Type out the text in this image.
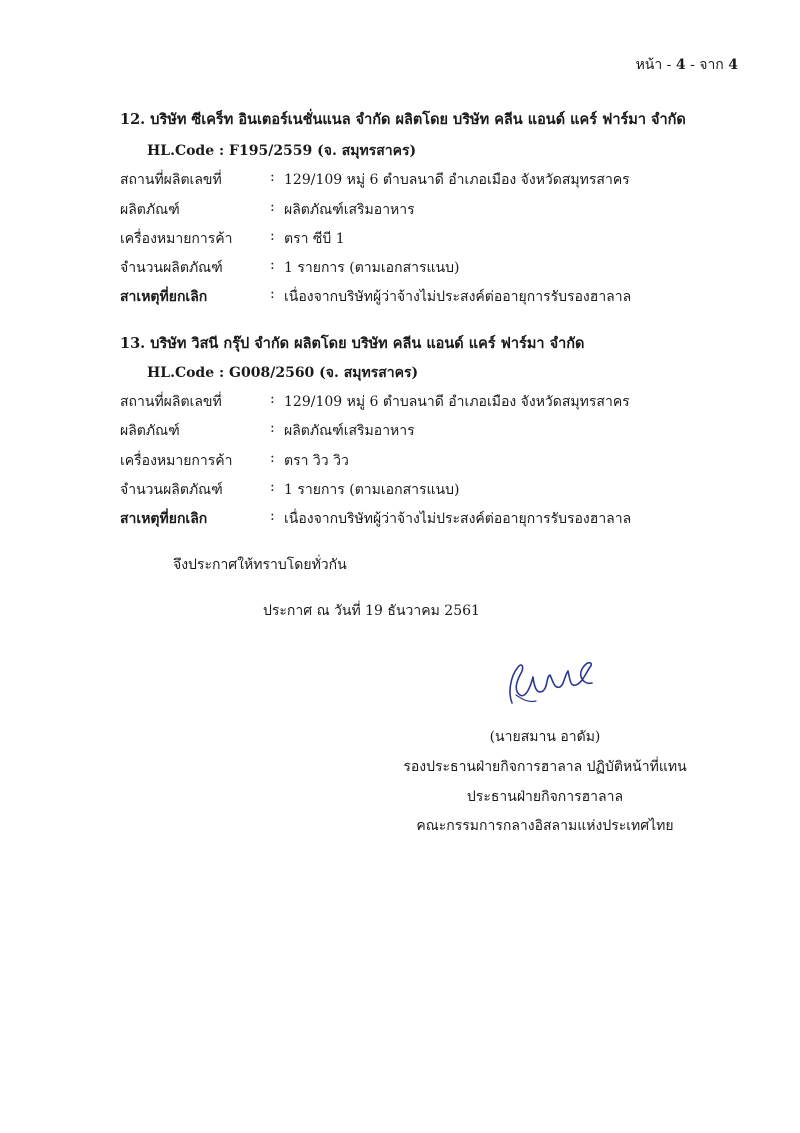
หน้า - 4 - จาก 4
12. บริษัท ซีเคร็ท อินเตอร์เนชั่นแนล จำกัด ผลิตโดย บริษัท คลีน แอนด์ แคร์ ฟาร์มา จำกัด
HL.Code : F195/2559 (จ. สมุทรสาคร)
สถานที่ผลิตเลขที่	: 129/109 หมู่ 6 ตำบลนาดี อำเภอเมือง จังหวัดสมุทรสาคร
ผลิตภัณฑ์	: ผลิตภัณฑ์เสริมอาหาร
เครื่องหมายการค้า	: ตรา ซีบี 1
จำนวนผลิตภัณฑ์	: 1 รายการ (ตามเอกสารแนบ)
สาเหตุที่ยกเลิก	: เนื่องจากบริษัทผู้ว่าจ้างไม่ประสงค์ต่ออายุการรับรองฮาลาล
13. บริษัท วิสนี กรุ๊ป จำกัด ผลิตโดย บริษัท คลีน แอนด์ แคร์ ฟาร์มา จำกัด
HL.Code : G008/2560 (จ. สมุทรสาคร)
สถานที่ผลิตเลขที่	: 129/109 หมู่ 6 ตำบลนาดี อำเภอเมือง จังหวัดสมุทรสาคร
ผลิตภัณฑ์	: ผลิตภัณฑ์เสริมอาหาร
เครื่องหมายการค้า	: ตรา วิว วิว
จำนวนผลิตภัณฑ์	: 1 รายการ (ตามเอกสารแนบ)
สาเหตุที่ยกเลิก	: เนื่องจากบริษัทผู้ว่าจ้างไม่ประสงค์ต่ออายุการรับรองฮาลาล
จึงประกาศให้ทราบโดยทั่วกัน
ประกาศ ณ วันที่ 19 ธันวาคม 2561
(นายสมาน อาดัม)
รองประธานฝ่ายกิจการฮาลาล ปฏิบัติหน้าที่แทน
ประธานฝ่ายกิจการฮาลาล
คณะกรรมการกลางอิสลามแห่งประเทศไทย
